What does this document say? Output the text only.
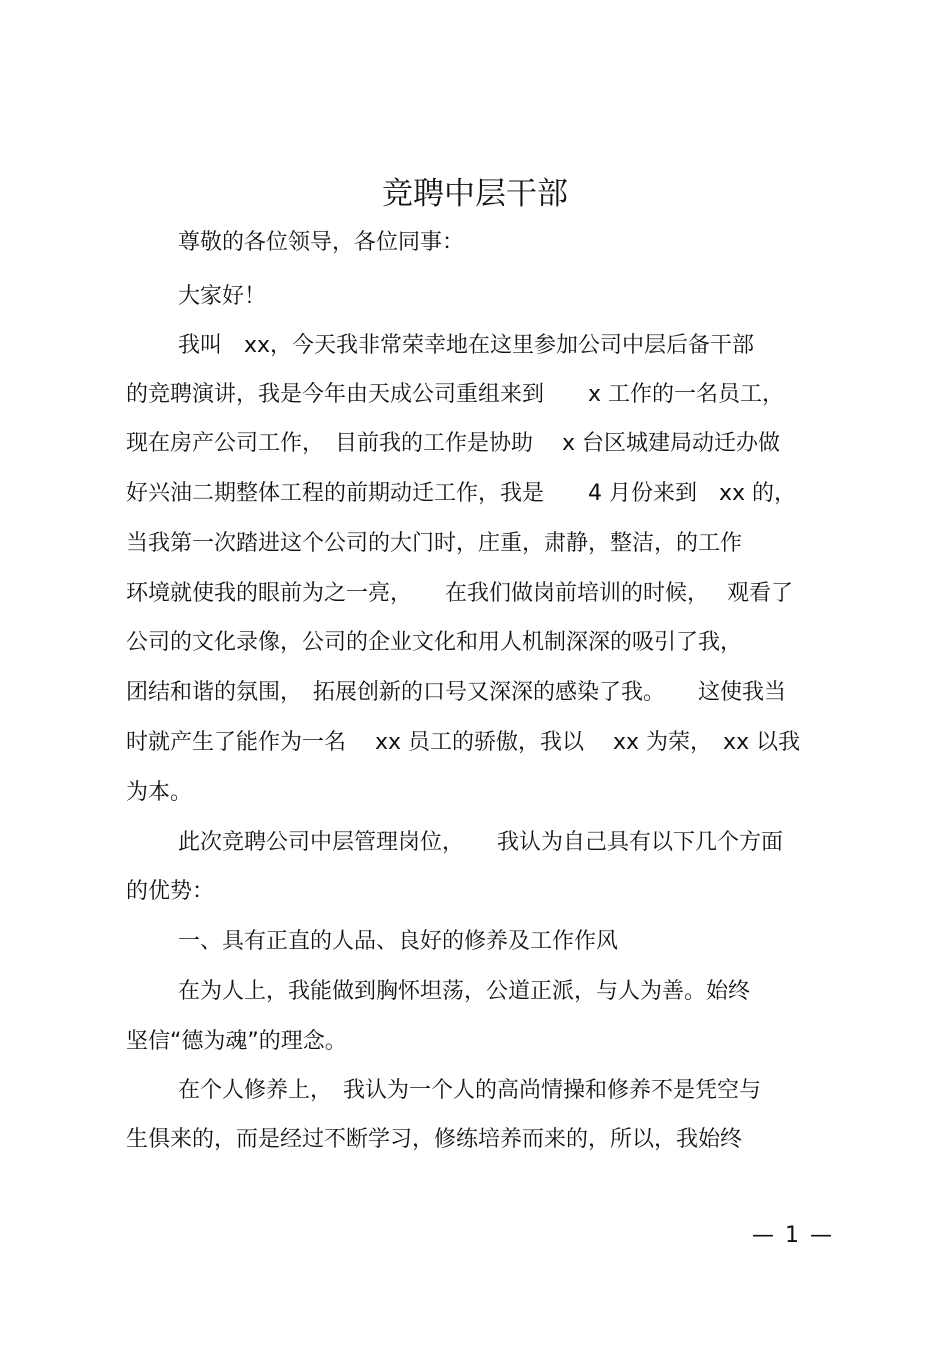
竞聘中层干部
尊敬的各位领导，各位同事：
大家好！
我叫　xx，今天我非常荣幸地在这里参加公司中层后备干部
的竞聘演讲，我是今年由天成公司重组来到　　x 工作的一名员工，
现在房产公司工作，　目前我的工作是协助　 x 台区城建局动迁办做
好兴油二期整体工程的前期动迁工作，我是　　4 月份来到　xx 的，
当我第一次踏进这个公司的大门时，庄重，肃静，整洁，的工作
环境就使我的眼前为之一亮，　　在我们做岗前培训的时候，　 观看了
公司的文化录像，公司的企业文化和用人机制深深的吸引了我，
团结和谐的氛围，　拓展创新的口号又深深的感染了我。　　这使我当
时就产生了能作为一名　 xx 员工的骄傲，我以　 xx 为荣，　xx 以我
为本。
此次竞聘公司中层管理岗位，　　我认为自己具有以下几个方面
的优势：
一、具有正直的人品、良好的修养及工作作风
在为人上，我能做到胸怀坦荡，公道正派，与人为善。始终
坚信“德为魂”的理念。
在个人修养上，　我认为一个人的高尚情操和修养不是凭空与
生俱来的，而是经过不断学习，修练培养而来的，所以，我始终
— 1 —
